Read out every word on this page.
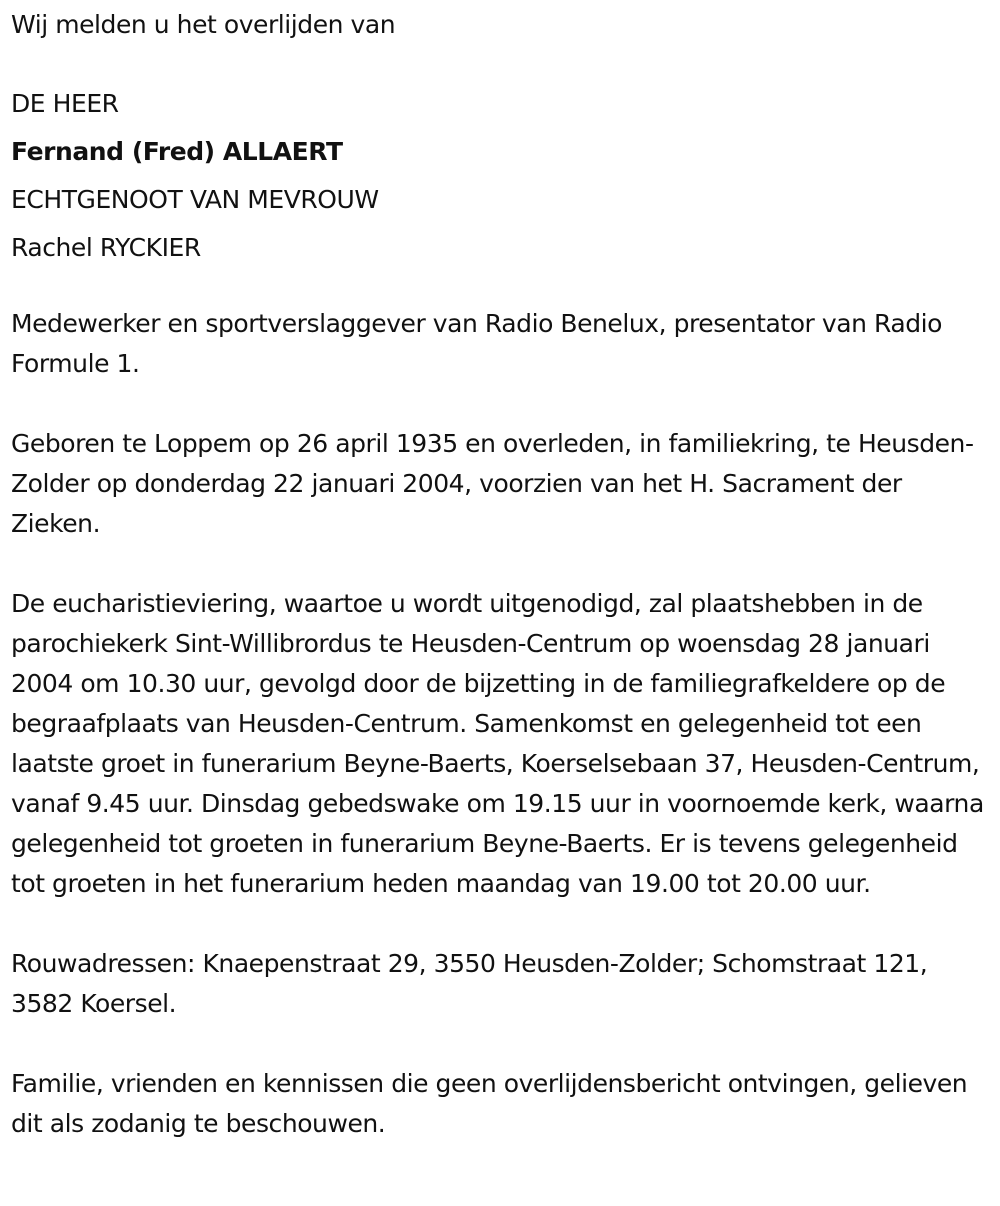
Wij melden u het overlijden van

DE HEER

Fernand (Fred) ALLAERT

ECHTGENOOT VAN MEVROUW

Rachel RYCKIER

Medewerker en sportverslaggever van Radio Benelux, presentator van Radio Formule 1.

Geboren te Loppem op 26 april 1935 en overleden, in familiekring, te Heusden-Zolder op donderdag 22 januari 2004, voorzien van het H. Sacrament der Zieken.

De eucharistieviering, waartoe u wordt uitgenodigd, zal plaatshebben in de parochiekerk Sint-Willibrordus te Heusden-Centrum op woensdag 28 januari 2004 om 10.30 uur, gevolgd door de bijzetting in de familiegrafkeldere op de begraafplaats van Heusden-Centrum. Samenkomst en gelegenheid tot een laatste groet in funerarium Beyne-Baerts, Koerselsebaan 37, Heusden-Centrum, vanaf 9.45 uur. Dinsdag gebedswake om 19.15 uur in voornoemde kerk, waarna gelegenheid tot groeten in funerarium Beyne-Baerts. Er is tevens gelegenheid tot groeten in het funerarium heden maandag van 19.00 tot 20.00 uur.

Rouwadressen: Knaepenstraat 29, 3550 Heusden-Zolder; Schomstraat 121, 3582 Koersel.

Familie, vrienden en kennissen die geen overlijdensbericht ontvingen, gelieven dit als zodanig te beschouwen.
